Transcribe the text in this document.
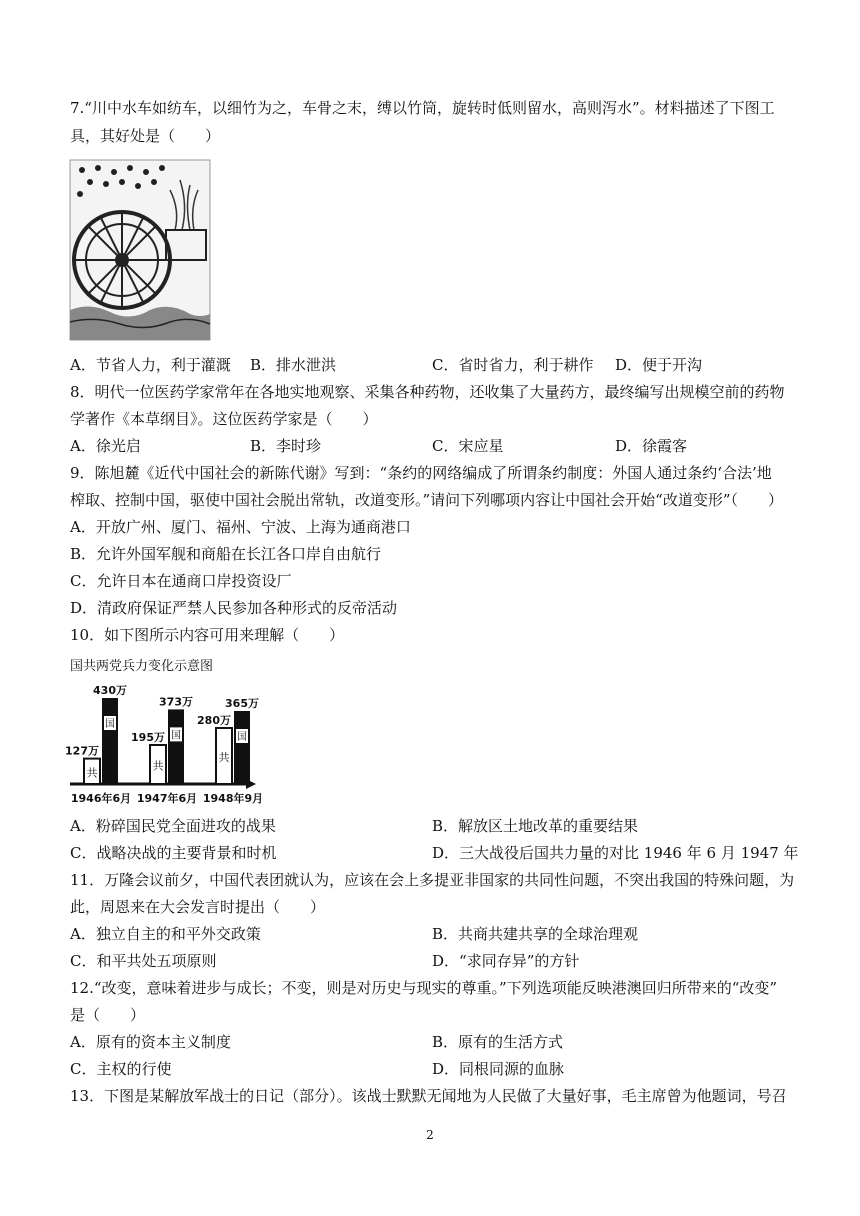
7.“川中水车如纺车，以细竹为之，车骨之末，缚以竹筒，旋转时低则留水，高则泻水”。材料描述了下图工
具，其好处是（　　）
A．节省人力，利于灌溉 B．排水泄洪	C．省时省力，利于耕作 D．便于开沟
8．明代一位医药学家常年在各地实地观察、采集各种药物，还收集了大量药方，最终编写出规模空前的药物
学著作《本草纲目》。这位医药学家是（　　）
A．徐光启	B．李时珍	C．宋应星	D．徐霞客
9．陈旭麓《近代中国社会的新陈代谢》写到：“条约的网络编成了所谓条约制度：外国人通过条约‘合法’地
榨取、控制中国，驱使中国社会脱出常轨，改道变形。”请问下列哪项内容让中国社会开始“改道变形”（　　）
A．开放广州、厦门、福州、宁波、上海为通商港口
B．允许外国军舰和商船在长江各口岸自由航行
C．允许日本在通商口岸投资设厂
D．清政府保证严禁人民参加各种形式的反帝活动
10．如下图所示内容可用来理解（　　）
国共两党兵力变化示意图
共
127万
国
430万
1946年6月
共
195万 国
373万
1947年6月
共
280万
国
365万
1948年9月
A．粉碎国民党全面进攻的战果	B．解放区土地改革的重要结果
C．战略决战的主要背景和时机	D．三大战役后国共力量的对比 1946 年 6 月 1947 年
11．万隆会议前夕，中国代表团就认为，应该在会上多提亚非国家的共同性问题，不突出我国的特殊问题，为
此，周恩来在大会发言时提出（　　）
A．独立自主的和平外交政策	B．共商共建共享的全球治理观
C．和平共处五项原则	D．“求同存异”的方针
12.“改变，意味着进步与成长；不变，则是对历史与现实的尊重。”下列选项能反映港澳回归所带来的“改变”
是（　　）
A．原有的资本主义制度	B．原有的生活方式
C．主权的行使	D．同根同源的血脉
13．下图是某解放军战士的日记（部分）。该战士默默无闻地为人民做了大量好事，毛主席曾为他题词，号召
2
